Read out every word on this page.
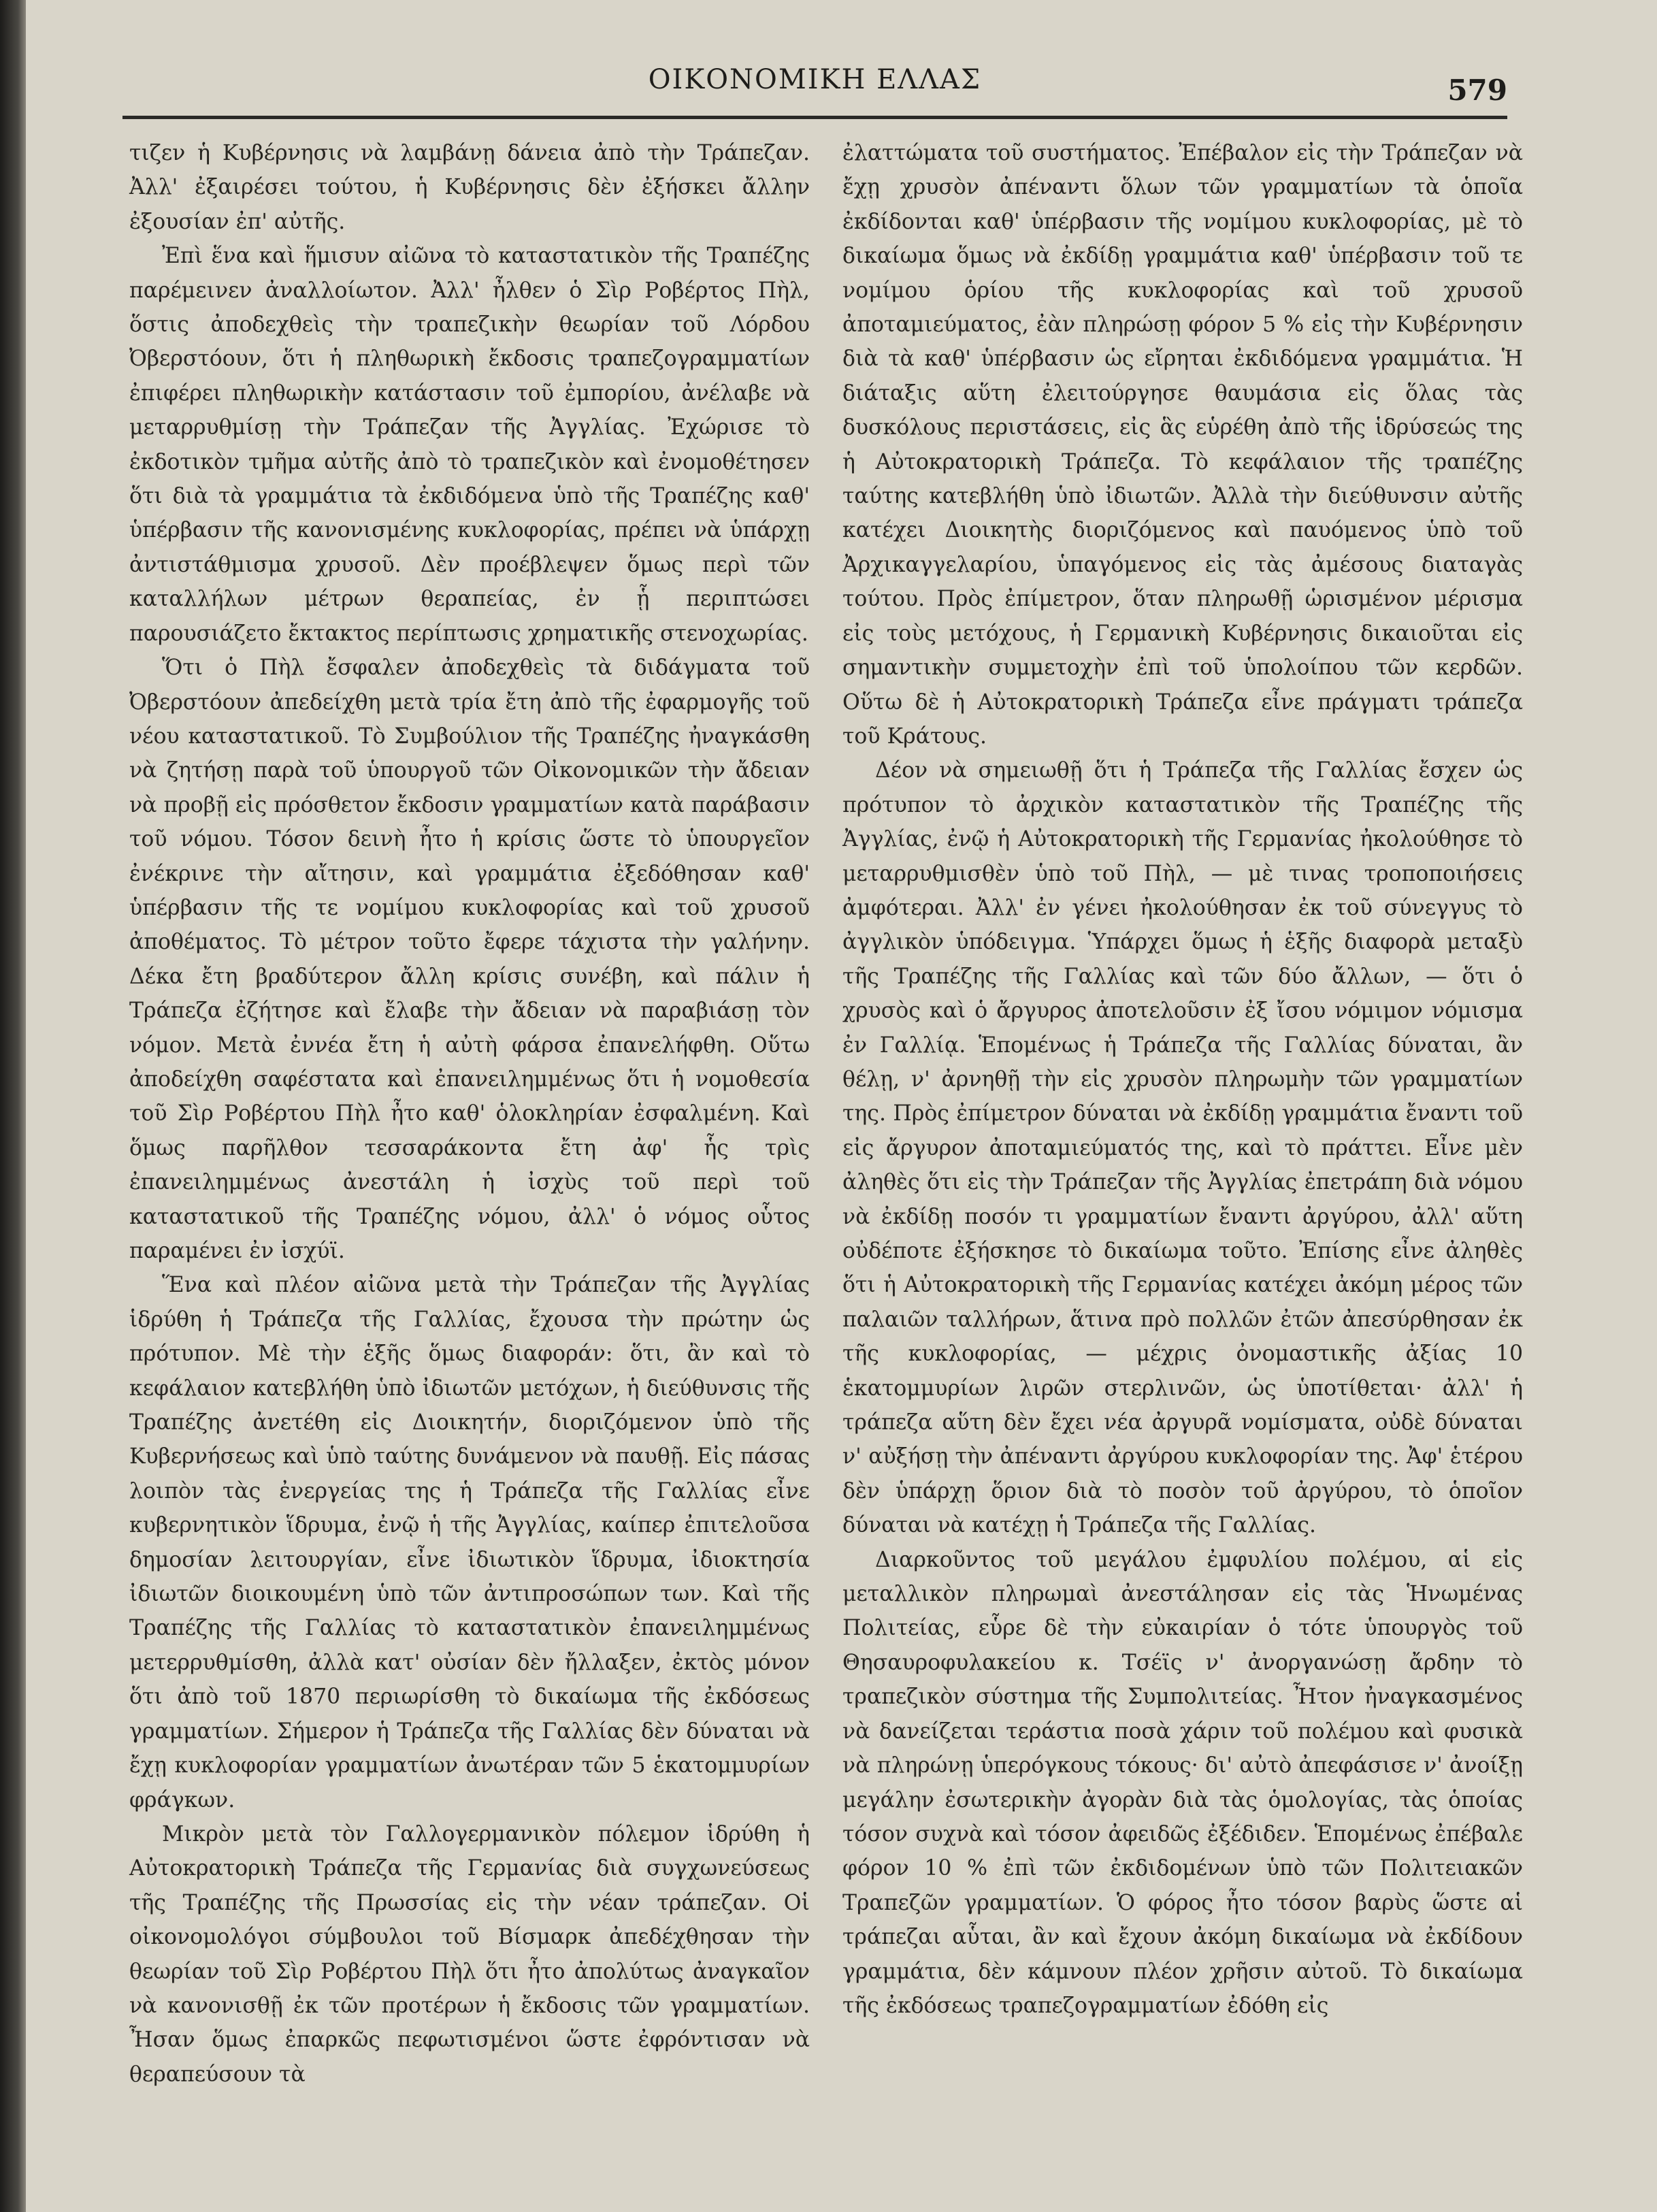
ΟΙΚΟΝΟΜΙΚΗ ΕΛΛΑΣ	579

τιζεν ἡ Κυβέρνησις νὰ λαμβάνῃ δάνεια ἀπὸ τὴν Τράπεζαν. Ἀλλ' ἐξαιρέσει τούτου, ἡ Κυβέρνησις δὲν ἐξήσκει ἄλλην ἐξουσίαν ἐπ' αὐτῆς.

Ἐπὶ ἕνα καὶ ἥμισυν αἰῶνα τὸ καταστατικὸν τῆς Τραπέζης παρέμεινεν ἀναλλοίωτον. Ἀλλ' ἦλθεν ὁ Σὶρ Ροβέρτος Πὴλ, ὅστις ἀποδεχθεὶς τὴν τραπεζικὴν θεωρίαν τοῦ Λόρδου Ὀβερστόουν, ὅτι ἡ πληθωρικὴ ἔκδοσις τραπεζογραμματίων ἐπιφέρει πληθωρικὴν κατάστασιν τοῦ ἐμπορίου, ἀνέλαβε νὰ μεταρρυθμίσῃ τὴν Τράπεζαν τῆς Ἀγγλίας. Ἐχώρισε τὸ ἐκδοτικὸν τμῆμα αὐτῆς ἀπὸ τὸ τραπεζικὸν καὶ ἐνομοθέτησεν ὅτι διὰ τὰ γραμμάτια τὰ ἐκδιδόμενα ὑπὸ τῆς Τραπέζης καθ' ὑπέρβασιν τῆς κανονισμένης κυκλοφορίας, πρέπει νὰ ὑπάρχῃ ἀντιστάθμισμα χρυσοῦ. Δὲν προέβλεψεν ὅμως περὶ τῶν καταλλήλων μέτρων θεραπείας, ἐν ᾗ περιπτώσει παρουσιάζετο ἔκτακτος περίπτωσις χρηματικῆς στενοχωρίας.

Ὅτι ὁ Πὴλ ἔσφαλεν ἀποδεχθεὶς τὰ διδάγματα τοῦ Ὀβερστόουν ἀπεδείχθη μετὰ τρία ἔτη ἀπὸ τῆς ἐφαρμογῆς τοῦ νέου καταστατικοῦ. Τὸ Συμβούλιον τῆς Τραπέζης ἠναγκάσθη νὰ ζητήσῃ παρὰ τοῦ ὑπουργοῦ τῶν Οἰκονομικῶν τὴν ἄδειαν νὰ προβῇ εἰς πρόσθετον ἔκδοσιν γραμματίων κατὰ παράβασιν τοῦ νόμου. Τόσον δεινὴ ἦτο ἡ κρίσις ὥστε τὸ ὑπουργεῖον ἐνέκρινε τὴν αἴτησιν, καὶ γραμμάτια ἐξεδόθησαν καθ' ὑπέρβασιν τῆς τε νομίμου κυκλοφορίας καὶ τοῦ χρυσοῦ ἀποθέματος. Τὸ μέτρον τοῦτο ἔφερε τάχιστα τὴν γαλήνην. Δέκα ἔτη βραδύτερον ἄλλη κρίσις συνέβη, καὶ πάλιν ἡ Τράπεζα ἐζήτησε καὶ ἔλαβε τὴν ἄδειαν νὰ παραβιάσῃ τὸν νόμον. Μετὰ ἐννέα ἔτη ἡ αὐτὴ φάρσα ἐπανελήφθη. Οὕτω ἀποδείχθη σαφέστατα καὶ ἐπανειλημμένως ὅτι ἡ νομοθεσία τοῦ Σὶρ Ροβέρτου Πὴλ ἦτο καθ' ὁλοκληρίαν ἐσφαλμένη. Καὶ ὅμως παρῆλθον τεσσαράκοντα ἔτη ἀφ' ἧς τρὶς ἐπανειλημμένως ἀνεστάλη ἡ ἰσχὺς τοῦ περὶ τοῦ καταστατικοῦ τῆς Τραπέζης νόμου, ἀλλ' ὁ νόμος οὗτος παραμένει ἐν ἰσχύϊ.

Ἕνα καὶ πλέον αἰῶνα μετὰ τὴν Τράπεζαν τῆς Ἀγγλίας ἱδρύθη ἡ Τράπεζα τῆς Γαλλίας, ἔχουσα τὴν πρώτην ὡς πρότυπον. Μὲ τὴν ἑξῆς ὅμως διαφοράν: ὅτι, ἂν καὶ τὸ κεφάλαιον κατεβλήθη ὑπὸ ἰδιωτῶν μετόχων, ἡ διεύθυνσις τῆς Τραπέζης ἀνετέθη εἰς Διοικητήν, διοριζόμενον ὑπὸ τῆς Κυβερνήσεως καὶ ὑπὸ ταύτης δυνάμενον νὰ παυθῇ. Εἰς πάσας λοιπὸν τὰς ἐνεργείας της ἡ Τράπεζα τῆς Γαλλίας εἶνε κυβερνητικὸν ἵδρυμα, ἐνῷ ἡ τῆς Ἀγγλίας, καίπερ ἐπιτελοῦσα δημοσίαν λειτουργίαν, εἶνε ἰδιωτικὸν ἵδρυμα, ἰδιοκτησία ἰδιωτῶν διοικουμένη ὑπὸ τῶν ἀντιπροσώπων των. Καὶ τῆς Τραπέζης τῆς Γαλλίας τὸ καταστατικὸν ἐπανειλημμένως μετερρυθμίσθη, ἀλλὰ κατ' οὐσίαν δὲν ἤλλαξεν, ἐκτὸς μόνον ὅτι ἀπὸ τοῦ 1870 περιωρίσθη τὸ δικαίωμα τῆς ἐκδόσεως γραμματίων. Σήμερον ἡ Τράπεζα τῆς Γαλλίας δὲν δύναται νὰ ἔχῃ κυκλοφορίαν γραμματίων ἀνωτέραν τῶν 5 ἑκατομμυρίων φράγκων.

Μικρὸν μετὰ τὸν Γαλλογερμανικὸν πόλεμον ἱδρύθη ἡ Αὐτοκρατορικὴ Τράπεζα τῆς Γερμανίας διὰ συγχωνεύσεως τῆς Τραπέζης τῆς Πρωσσίας εἰς τὴν νέαν τράπεζαν. Οἱ οἰκονομολόγοι σύμβουλοι τοῦ Βίσμαρκ ἀπεδέχθησαν τὴν θεωρίαν τοῦ Σὶρ Ροβέρτου Πὴλ ὅτι ἦτο ἀπολύτως ἀναγκαῖον νὰ κανονισθῇ ἐκ τῶν προτέρων ἡ ἔκδοσις τῶν γραμματίων. Ἦσαν ὅμως ἐπαρκῶς πεφωτισμένοι ὥστε ἐφρόντισαν νὰ θεραπεύσουν τὰ

ἐλαττώματα τοῦ συστήματος. Ἐπέβαλον εἰς τὴν Τράπεζαν νὰ ἔχῃ χρυσὸν ἀπέναντι ὅλων τῶν γραμματίων τὰ ὁποῖα ἐκδίδονται καθ' ὑπέρβασιν τῆς νομίμου κυκλοφορίας, μὲ τὸ δικαίωμα ὅμως νὰ ἐκδίδῃ γραμμάτια καθ' ὑπέρβασιν τοῦ τε νομίμου ὁρίου τῆς κυκλοφορίας καὶ τοῦ χρυσοῦ ἀποταμιεύματος, ἐὰν πληρώσῃ φόρον 5 % εἰς τὴν Κυβέρνησιν διὰ τὰ καθ' ὑπέρβασιν ὡς εἴρηται ἐκδιδόμενα γραμμάτια. Ἡ διάταξις αὕτη ἐλειτούργησε θαυμάσια εἰς ὅλας τὰς δυσκόλους περιστάσεις, εἰς ἃς εὑρέθη ἀπὸ τῆς ἱδρύσεώς της ἡ Αὐτοκρατορικὴ Τράπεζα. Τὸ κεφάλαιον τῆς τραπέζης ταύτης κατεβλήθη ὑπὸ ἰδιωτῶν. Ἀλλὰ τὴν διεύθυνσιν αὐτῆς κατέχει Διοικητὴς διοριζόμενος καὶ παυόμενος ὑπὸ τοῦ Ἀρχικαγγελαρίου, ὑπαγόμενος εἰς τὰς ἀμέσους διαταγὰς τούτου. Πρὸς ἐπίμετρον, ὅταν πληρωθῇ ὡρισμένον μέρισμα εἰς τοὺς μετόχους, ἡ Γερμανικὴ Κυβέρνησις δικαιοῦται εἰς σημαντικὴν συμμετοχὴν ἐπὶ τοῦ ὑπολοίπου τῶν κερδῶν. Οὕτω δὲ ἡ Αὐτοκρατορικὴ Τράπεζα εἶνε πράγματι τράπεζα τοῦ Κράτους.

Δέον νὰ σημειωθῇ ὅτι ἡ Τράπεζα τῆς Γαλλίας ἔσχεν ὡς πρότυπον τὸ ἀρχικὸν καταστατικὸν τῆς Τραπέζης τῆς Ἀγγλίας, ἐνῷ ἡ Αὐτοκρατορικὴ τῆς Γερμανίας ἠκολούθησε τὸ μεταρρυθμισθὲν ὑπὸ τοῦ Πὴλ, — μὲ τινας τροποποιήσεις ἀμφότεραι. Ἀλλ' ἐν γένει ἠκολούθησαν ἐκ τοῦ σύνεγγυς τὸ ἀγγλικὸν ὑπόδειγμα. Ὑπάρχει ὅμως ἡ ἑξῆς διαφορὰ μεταξὺ τῆς Τραπέζης τῆς Γαλλίας καὶ τῶν δύο ἄλλων, — ὅτι ὁ χρυσὸς καὶ ὁ ἄργυρος ἀποτελοῦσιν ἐξ ἴσου νόμιμον νόμισμα ἐν Γαλλίᾳ. Ἑπομένως ἡ Τράπεζα τῆς Γαλλίας δύναται, ἂν θέλῃ, ν' ἀρνηθῇ τὴν εἰς χρυσὸν πληρωμὴν τῶν γραμματίων της. Πρὸς ἐπίμετρον δύναται νὰ ἐκδίδῃ γραμμάτια ἔναντι τοῦ εἰς ἄργυρον ἀποταμιεύματός της, καὶ τὸ πράττει. Εἶνε μὲν ἀληθὲς ὅτι εἰς τὴν Τράπεζαν τῆς Ἀγγλίας ἐπετράπη διὰ νόμου νὰ ἐκδίδῃ ποσόν τι γραμματίων ἔναντι ἀργύρου, ἀλλ' αὕτη οὐδέποτε ἐξήσκησε τὸ δικαίωμα τοῦτο. Ἐπίσης εἶνε ἀληθὲς ὅτι ἡ Αὐτοκρατορικὴ τῆς Γερμανίας κατέχει ἀκόμη μέρος τῶν παλαιῶν ταλλήρων, ἅτινα πρὸ πολλῶν ἐτῶν ἀπεσύρθησαν ἐκ τῆς κυκλοφορίας, — μέχρις ὀνομαστικῆς ἀξίας 10 ἑκατομμυρίων λιρῶν στερλινῶν, ὡς ὑποτίθεται· ἀλλ' ἡ τράπεζα αὕτη δὲν ἔχει νέα ἀργυρᾶ νομίσματα, οὐδὲ δύναται ν' αὐξήσῃ τὴν ἀπέναντι ἀργύρου κυκλοφορίαν της. Ἀφ' ἑτέρου δὲν ὑπάρχῃ ὅριον διὰ τὸ ποσὸν τοῦ ἀργύρου, τὸ ὁποῖον δύναται νὰ κατέχῃ ἡ Τράπεζα τῆς Γαλλίας.

Διαρκοῦντος τοῦ μεγάλου ἐμφυλίου πολέμου, αἱ εἰς μεταλλικὸν πληρωμαὶ ἀνεστάλησαν εἰς τὰς Ἡνωμένας Πολιτείας, εὗρε δὲ τὴν εὐκαιρίαν ὁ τότε ὑπουργὸς τοῦ Θησαυροφυλακείου κ. Τσέϊς ν' ἀνοργανώσῃ ἄρδην τὸ τραπεζικὸν σύστημα τῆς Συμπολιτείας. Ἦτον ἠναγκασμένος νὰ δανείζεται τεράστια ποσὰ χάριν τοῦ πολέμου καὶ φυσικὰ νὰ πληρώνῃ ὑπερόγκους τόκους· δι' αὐτὸ ἀπεφάσισε ν' ἀνοίξῃ μεγάλην ἐσωτερικὴν ἀγορὰν διὰ τὰς ὁμολογίας, τὰς ὁποίας τόσον συχνὰ καὶ τόσον ἀφειδῶς ἐξέδιδεν. Ἑπομένως ἐπέβαλε φόρον 10 % ἐπὶ τῶν ἐκδιδομένων ὑπὸ τῶν Πολιτειακῶν Τραπεζῶν γραμματίων. Ὁ φόρος ἦτο τόσον βαρὺς ὥστε αἱ τράπεζαι αὗται, ἂν καὶ ἔχουν ἀκόμη δικαίωμα νὰ ἐκδίδουν γραμμάτια, δὲν κάμνουν πλέον χρῆσιν αὐτοῦ. Τὸ δικαίωμα τῆς ἐκδόσεως τραπεζογραμματίων ἐδόθη εἰς
